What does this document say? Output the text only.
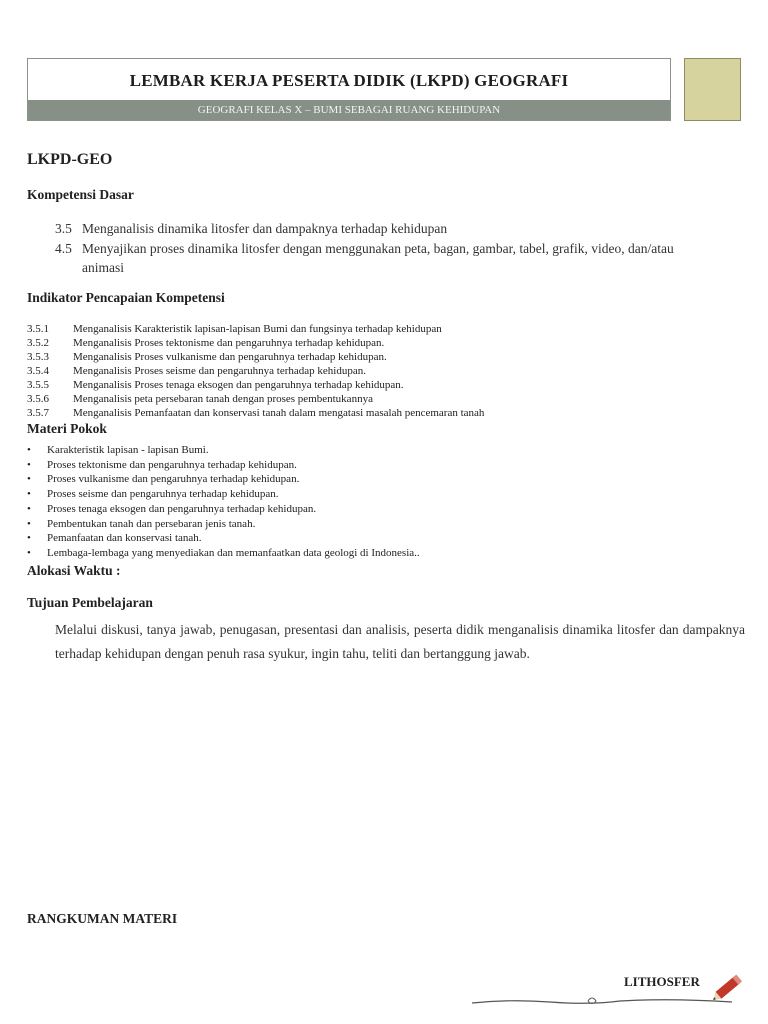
LEMBAR KERJA PESERTA DIDIK (LKPD) GEOGRAFI
GEOGRAFI KELAS X – BUMI SEBAGAI RUANG KEHIDUPAN
LKPD-GEO
Kompetensi Dasar
3.5 Menganalisis dinamika litosfer dan dampaknya terhadap kehidupan
4.5 Menyajikan proses dinamika litosfer dengan menggunakan peta, bagan, gambar, tabel, grafik, video, dan/atau animasi
Indikator Pencapaian Kompetensi
3.5.1	Menganalisis Karakteristik lapisan-lapisan Bumi dan fungsinya terhadap kehidupan
3.5.2	Menganalisis Proses tektonisme dan pengaruhnya terhadap kehidupan.
3.5.3	Menganalisis Proses vulkanisme dan pengaruhnya terhadap kehidupan.
3.5.4	Menganalisis Proses seisme dan pengaruhnya terhadap kehidupan.
3.5.5	Menganalisis Proses tenaga eksogen dan pengaruhnya terhadap kehidupan.
3.5.6	Menganalisis peta persebaran tanah dengan proses pembentukannya
3.5.7	Menganalisis Pemanfaatan dan konservasi tanah dalam mengatasi masalah pencemaran tanah
Materi Pokok
• Karakteristik lapisan - lapisan Bumi.
• Proses tektonisme dan pengaruhnya terhadap kehidupan.
• Proses vulkanisme dan pengaruhnya terhadap kehidupan.
• Proses seisme dan pengaruhnya terhadap kehidupan.
• Proses tenaga eksogen dan pengaruhnya terhadap kehidupan.
• Pembentukan tanah dan persebaran jenis tanah.
• Pemanfaatan dan konservasi tanah.
• Lembaga-lembaga yang menyediakan dan memanfaatkan data geologi di Indonesia..
Alokasi Waktu :
Tujuan Pembelajaran
Melalui diskusi, tanya jawab, penugasan, presentasi dan analisis, peserta didik menganalisis dinamika litosfer dan dampaknya terhadap kehidupan dengan penuh rasa syukur, ingin tahu, teliti dan bertanggung jawab.
RANGKUMAN MATERI
LITHOSFER
